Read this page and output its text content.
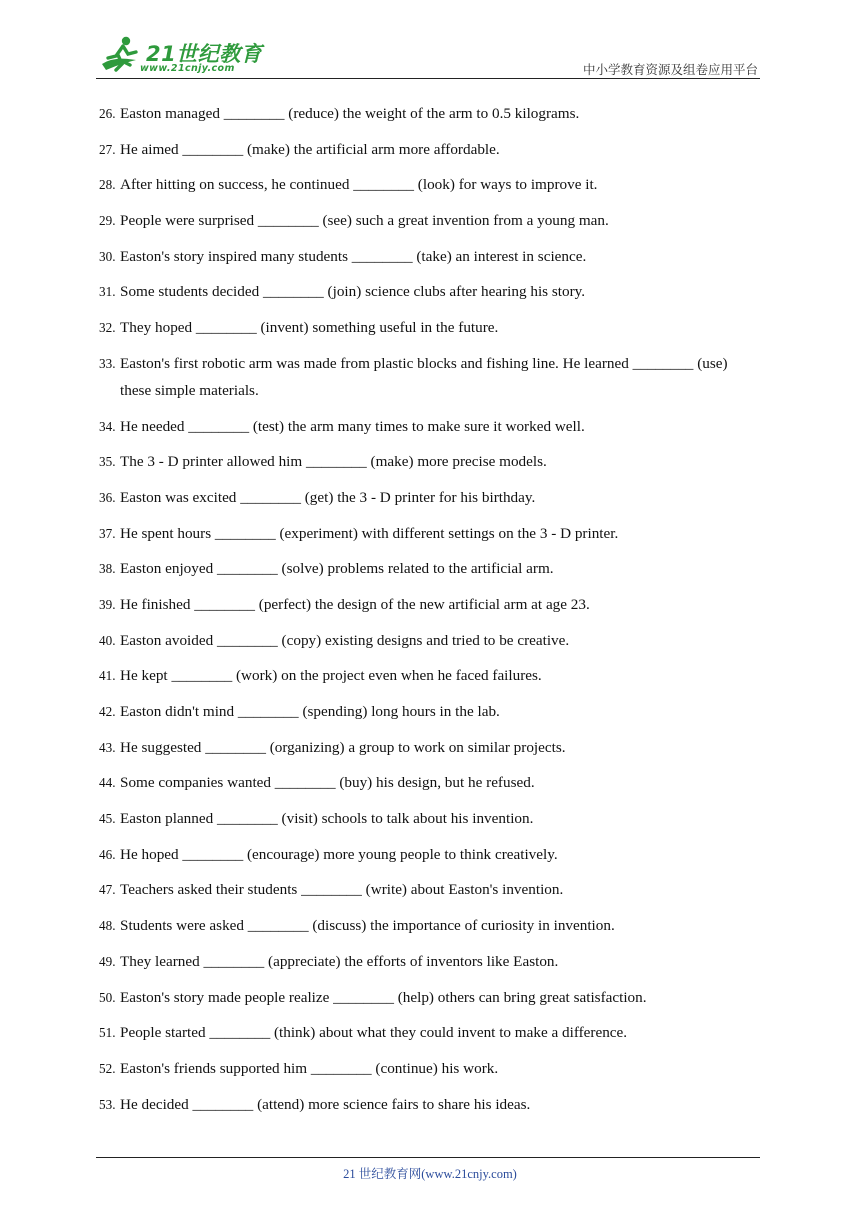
21世纪教育
www.21cnjy.com	中小学教育资源及组卷应用平台
26. Easton managed ________ (reduce) the weight of the arm to 0.5 kilograms.
27. He aimed ________ (make) the artificial arm more affordable.
28. After hitting on success, he continued ________ (look) for ways to improve it.
29. People were surprised ________ (see) such a great invention from a young man.
30. Easton's story inspired many students ________ (take) an interest in science.
31. Some students decided ________ (join) science clubs after hearing his story.
32. They hoped ________ (invent) something useful in the future.
33. Easton's first robotic arm was made from plastic blocks and fishing line. He learned ________ (use) these simple materials.
34. He needed ________ (test) the arm many times to make sure it worked well.
35. The 3 - D printer allowed him ________ (make) more precise models.
36. Easton was excited ________ (get) the 3 - D printer for his birthday.
37. He spent hours ________ (experiment) with different settings on the 3 - D printer.
38. Easton enjoyed ________ (solve) problems related to the artificial arm.
39. He finished ________ (perfect) the design of the new artificial arm at age 23.
40. Easton avoided ________ (copy) existing designs and tried to be creative.
41. He kept ________ (work) on the project even when he faced failures.
42. Easton didn't mind ________ (spending) long hours in the lab.
43. He suggested ________ (organizing) a group to work on similar projects.
44. Some companies wanted ________ (buy) his design, but he refused.
45. Easton planned ________ (visit) schools to talk about his invention.
46. He hoped ________ (encourage) more young people to think creatively.
47. Teachers asked their students ________ (write) about Easton's invention.
48. Students were asked ________ (discuss) the importance of curiosity in invention.
49. They learned ________ (appreciate) the efforts of inventors like Easton.
50. Easton's story made people realize ________ (help) others can bring great satisfaction.
51. People started ________ (think) about what they could invent to make a difference.
52. Easton's friends supported him ________ (continue) his work.
53. He decided ________ (attend) more science fairs to share his ideas.
21 世纪教育网(www.21cnjy.com)
